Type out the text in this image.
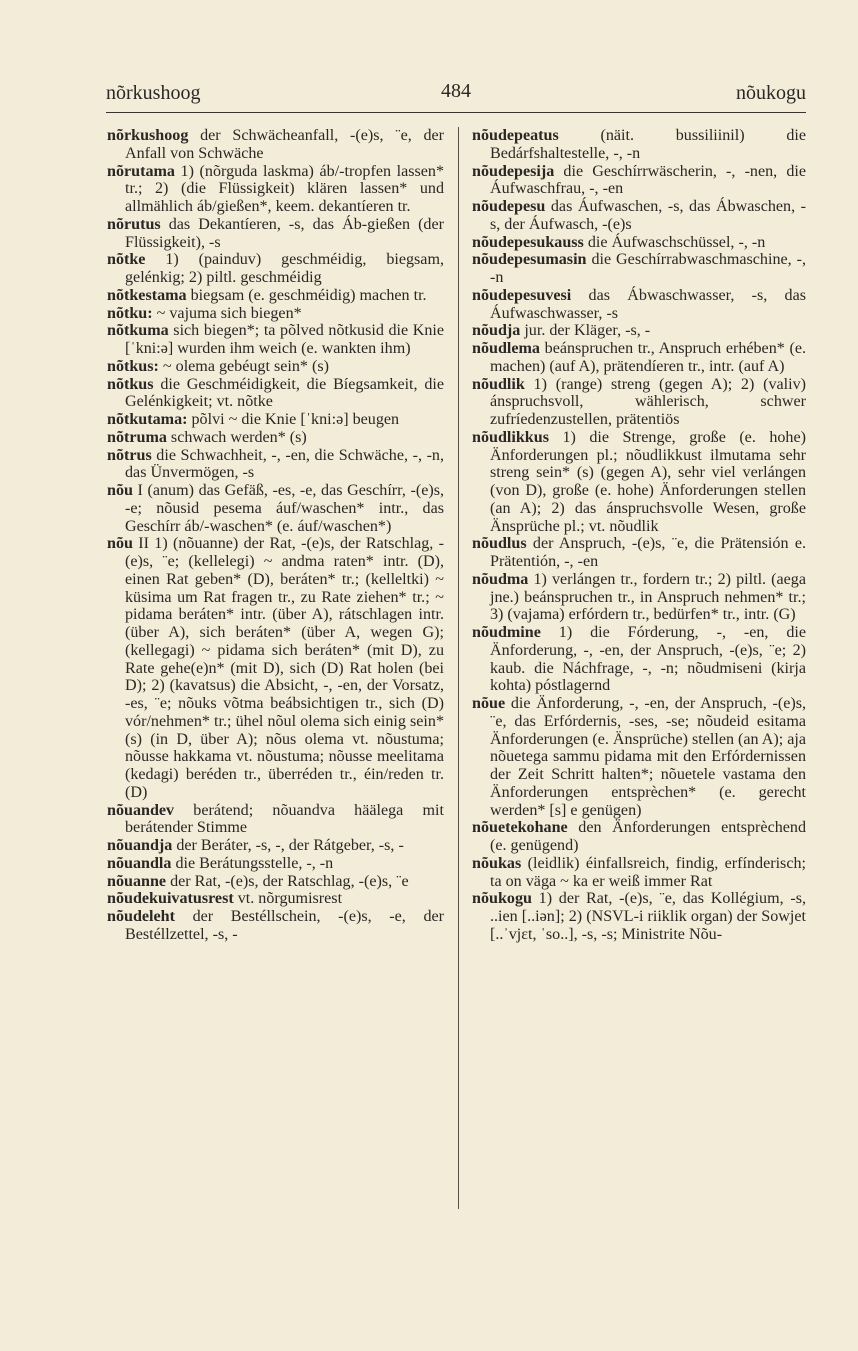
nõrkushoog	484	nõukogu

nõrkushoog der Schwächeanfall, -(e)s, ¨e, der Anfall von Schwäche

nõrutama 1) (nõrguda laskma) áb/-tropfen lassen* tr.; 2) (die Flüssigkeit) klären lassen* und allmählich áb/gießen*, keem. dekantíeren tr.

nõrutus das Dekantíeren, -s, das Áb-gießen (der Flüssigkeit), -s

nõtke 1) (painduv) geschméidig, biegsam, gelénkig; 2) piltl. geschméidig

nõtkestama biegsam (e. geschméidig) machen tr.

nõtku: ~ vajuma sich biegen*

nõtkuma sich biegen*; ta põlved nõtkusid die Knie [ˈkni:ə] wurden ihm weich (e. wankten ihm)

nõtkus: ~ olema gebéugt sein* (s)

nõtkus die Geschméidigkeit, die Bíegsamkeit, die Gelénkigkeit; vt. nõtke

nõtkutama: põlvi ~ die Knie [ˈkni:ə] beugen

nõtruma schwach werden* (s)

nõtrus die Schwachheit, -, -en, die Schwäche, -, -n, das Ünvermögen, -s

nõu I (anum) das Gefäß, -es, -e, das Geschírr, -(e)s, -e; nõusid pesema áuf/waschen* intr., das Geschírr áb/-waschen* (e. áuf/waschen*)

nõu II 1) (nõuanne) der Rat, -(e)s, der Ratschlag, -(e)s, ¨e; (kellelegi) ~ andma raten* intr. (D), einen Rat geben* (D), beráten* tr.; (kelleltki) ~ küsima um Rat fragen tr., zu Rate ziehen* tr.; ~ pidama beráten* intr. (über A), rátschlagen intr. (über A), sich beráten* (über A, wegen G); (kellegagi) ~ pidama sich beráten* (mit D), zu Rate gehe(e)n* (mit D), sich (D) Rat holen (bei D); 2) (kavatsus) die Absicht, -, -en, der Vorsatz, -es, ¨e; nõuks võtma beábsichtigen tr., sich (D) vór/nehmen* tr.; ühel nõul olema sich einig sein* (s) (in D, über A); nõus olema vt. nõustuma; nõusse hakkama vt. nõustuma; nõusse meelitama (kedagi) beréden tr., überréden tr., éin/reden tr. (D)

nõuandev berátend; nõuandva häälega mit berátender Stimme

nõuandja der Beráter, -s, -, der Rátgeber, -s, -

nõuandla die Berátungsstelle, -, -n

nõuanne der Rat, -(e)s, der Ratschlag, -(e)s, ¨e

nõudekuivatusrest vt. nõrgumisrest

nõudeleht der Bestéllschein, -(e)s, -e, der Bestéllzettel, -s, -

nõudepeatus (näit. bussiliinil) die Bedárfshaltestelle, -, -n

nõudepesija die Geschírrwäscherin, -, -nen, die Áufwaschfrau, -, -en

nõudepesu das Áufwaschen, -s, das Ábwaschen, -s, der Áufwasch, -(e)s

nõudepesukauss die Áufwaschschüssel, -, -n

nõudepesumasin die Geschírrabwaschmaschine, -, -n

nõudepesuvesi das Ábwaschwasser, -s, das Áufwaschwasser, -s

nõudja jur. der Kläger, -s, -

nõudlema beánspruchen tr., Anspruch erhében* (e. machen) (auf A), prätendíeren tr., intr. (auf A)

nõudlik 1) (range) streng (gegen A); 2) (valiv) ánspruchsvoll, wählerisch, schwer zufríedenzustellen, prätentiös

nõudlikkus 1) die Strenge, große (e. hohe) Änforderungen pl.; nõudlikkust ilmutama sehr streng sein* (s) (gegen A), sehr viel verlángen (von D), große (e. hohe) Änforderungen stellen (an A); 2) das ánspruchsvolle Wesen, große Änsprüche pl.; vt. nõudlik

nõudlus der Anspruch, -(e)s, ¨e, die Prätensión e. Prätentión, -, -en

nõudma 1) verlángen tr., fordern tr.; 2) piltl. (aega jne.) beánspruchen tr., in Anspruch nehmen* tr.; 3) (vajama) erfórdern tr., bedürfen* tr., intr. (G)

nõudmine 1) die Fórderung, -, -en, die Änforderung, -, -en, der Anspruch, -(e)s, ¨e; 2) kaub. die Náchfrage, -, -n; nõudmiseni (kirja kohta) póstlagernd

nõue die Änforderung, -, -en, der Anspruch, -(e)s, ¨e, das Erfórdernis, -ses, -se; nõudeid esitama Änforderungen (e. Änsprüche) stellen (an A); aja nõuetega sammu pidama mit den Erfórdernissen der Zeit Schritt halten*; nõuetele vastama den Änforderungen entsprèchen* (e. gerecht werden* [s] e genügen)

nõuetekohane den Änforderungen entsprèchend (e. genügend)

nõukas (leidlik) éinfallsreich, findig, erfínderisch; ta on väga ~ ka er weiß immer Rat

nõukogu 1) der Rat, -(e)s, ¨e, das Kollégium, -s, ..ien [..iən]; 2) (NSVL-i riiklik organ) der Sowjet [..ˈvjɛt, ˈso..], -s, -s; Ministrite Nõu-
